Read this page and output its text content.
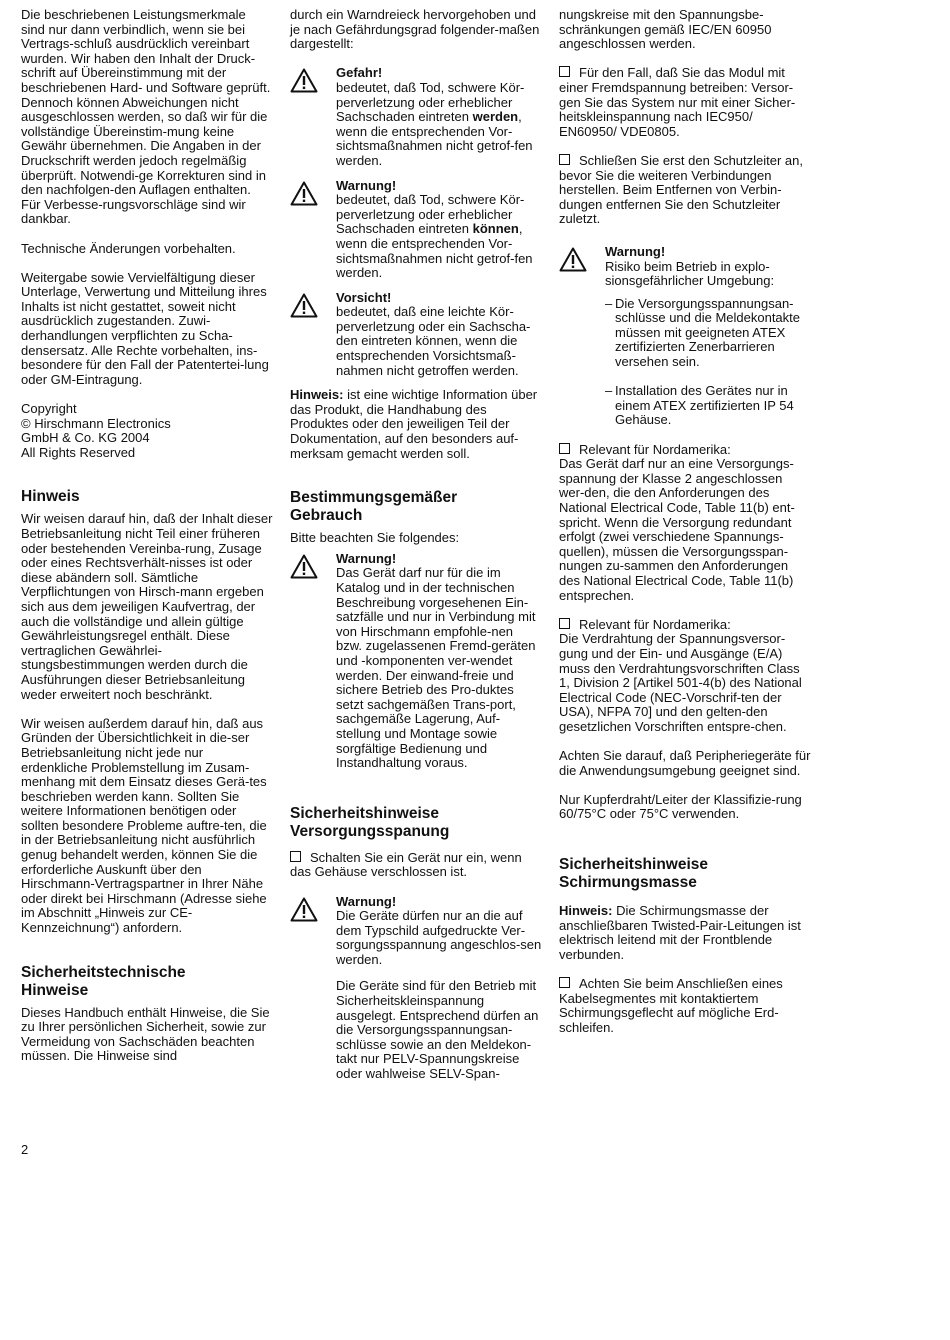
Die beschriebenen Leistungsmerkmale sind nur dann verbindlich, wenn sie bei Vertrags-schluß ausdrücklich vereinbart wurden. Wir haben den Inhalt der Druck-schrift auf Übereinstimmung mit der beschriebenen Hard- und Software geprüft. Dennoch können Abweichungen nicht ausgeschlossen werden, so daß wir für die vollständige Übereinstim-mung keine Gewähr übernehmen. Die Angaben in der Druckschrift werden jedoch regelmäßig überprüft. Notwendi-ge Korrekturen sind in den nachfolgen-den Auflagen enthalten. Für Verbesse-rungsvorschläge sind wir dankbar.

Technische Änderungen vorbehalten.

Weitergabe sowie Vervielfältigung dieser Unterlage, Verwertung und Mitteilung ihres Inhalts ist nicht gestattet, soweit nicht ausdrücklich zugestanden. Zuwi-derhandlungen verpflichten zu Scha-densersatz. Alle Rechte vorbehalten, ins-besondere für den Fall der Patentertei-lung oder GM-Eintragung.

Copyright
© Hirschmann Electronics
GmbH & Co. KG 2004
All Rights Reserved

Hinweis

Wir weisen darauf hin, daß der Inhalt dieser Betriebsanleitung nicht Teil einer früheren oder bestehenden Vereinba-rung, Zusage oder eines Rechtsverhält-nisses ist oder diese abändern soll. Sämtliche Verpflichtungen von Hirsch-mann ergeben sich aus dem jeweiligen Kaufvertrag, der auch die vollständige und allein gültige Gewährleistungsregel enthält. Diese vertraglichen Gewährlei-stungsbestimmungen werden durch die Ausführungen dieser Betriebsanleitung weder erweitert noch beschränkt.

Wir weisen außerdem darauf hin, daß aus Gründen der Übersichtlichkeit in die-ser Betriebsanleitung nicht jede nur erdenkliche Problemstellung im Zusam-menhang mit dem Einsatz dieses Gerä-tes beschrieben werden kann. Sollten Sie weitere Informationen benötigen oder sollten besondere Probleme auftre-ten, die in der Betriebsanleitung nicht ausführlich genug behandelt werden, können Sie die erforderliche Auskunft über den Hirschmann-Vertragspartner in Ihrer Nähe oder direkt bei Hirschmann (Adresse siehe im Abschnitt „Hinweis zur CE-Kennzeichnung“) anfordern.

Sicherheitstechnische
Hinweise

Dieses Handbuch enthält Hinweise, die Sie zu Ihrer persönlichen Sicherheit, sowie zur Vermeidung von Sachschäden beachten müssen. Die Hinweise sind

durch ein Warndreieck hervorgehoben und je nach Gefährdungsgrad folgender-maßen dargestellt:

Gefahr!

bedeutet, daß Tod, schwere Kör-perverletzung oder erheblicher Sachschaden eintreten werden, wenn die entsprechenden Vor-sichtsmaßnahmen nicht getrof-fen werden.

Warnung!

bedeutet, daß Tod, schwere Kör-perverletzung oder erheblicher Sachschaden eintreten können, wenn die entsprechenden Vor-sichtsmaßnahmen nicht getrof-fen werden.

Vorsicht!

bedeutet, daß eine leichte Kör-perverletzung oder ein Sachscha-den eintreten können, wenn die entsprechenden Vorsichtsmaß-nahmen nicht getroffen werden.

Hinweis: ist eine wichtige Information über das Produkt, die Handhabung des Produktes oder den jeweiligen Teil der Dokumentation, auf den besonders auf-merksam gemacht werden soll.

Bestimmungsgemäßer
Gebrauch

Bitte beachten Sie folgendes:

Warnung!

Das Gerät darf nur für die im Katalog und in der technischen Beschreibung vorgesehenen Ein-satzfälle und nur in Verbindung mit von Hirschmann empfohle-nen bzw. zugelassenen Fremd-geräten und -komponenten ver-wendet werden. Der einwand-freie und sichere Betrieb des Pro-duktes setzt sachgemäßen Trans-port, sachgemäße Lagerung, Auf-stellung und Montage sowie sorgfältige Bedienung und Instandhaltung voraus.

Sicherheitshinweise
Versorgungsspanung

Schalten Sie ein Gerät nur ein, wenn das Gehäuse verschlossen ist.

Warnung!

Die Geräte dürfen nur an die auf dem Typschild aufgedruckte Ver-sorgungsspannung angeschlos-sen werden.

Die Geräte sind für den Betrieb mit Sicherheitskleinspannung ausgelegt. Entsprechend dürfen an die Versorgungsspannungsan-schlüsse sowie an den Meldekon-takt nur PELV-Spannungskreise oder wahlweise SELV-Span-

nungskreise mit den Spannungsbe-schränkungen gemäß IEC/EN 60950 angeschlossen werden.

Für den Fall, daß Sie das Modul mit einer Fremdspannung betreiben: Versor-gen Sie das System nur mit einer Sicher-heitskleinspannung nach IEC950/ EN60950/ VDE0805.

Schließen Sie erst den Schutzleiter an, bevor Sie die weiteren Verbindungen herstellen. Beim Entfernen von Verbin-dungen entfernen Sie den Schutzleiter zuletzt.

Warnung!

Risiko beim Betrieb in explo-sionsgefährlicher Umgebung:

– Die Versorgungsspannungsan-schlüsse und die Meldekontakte müssen mit geeigneten ATEX zertifizierten Zenerbarrieren versehen sein.
– Installation des Gerätes nur in einem ATEX zertifizierten IP 54 Gehäuse.

Relevant für Nordamerika:
Das Gerät darf nur an eine Versorgungs-spannung der Klasse 2 angeschlossen wer-den, die den Anforderungen des National Electrical Code, Table 11(b) ent-spricht. Wenn die Versorgung redundant erfolgt (zwei verschiedene Spannungs-quellen), müssen die Versorgungsspan-nungen zu-sammen den Anforderungen des National Electrical Code, Table 11(b) entsprechen.

Relevant für Nordamerika:
Die Verdrahtung der Spannungsversor-gung und der Ein- und Ausgänge (E/A) muss den Verdrahtungsvorschriften Class 1, Division 2 [Artikel 501-4(b) des National Electrical Code (NEC-Vorschrif-ten der USA), NFPA 70] und den gelten-den gesetzlichen Vorschriften entspre-chen.

Achten Sie darauf, daß Peripheriegeräte für die Anwendungsumgebung geeignet sind.

Nur Kupferdraht/Leiter der Klassifizie-rung 60/75°C oder 75°C verwenden.

Sicherheitshinweise
Schirmungsmasse

Hinweis: Die Schirmungsmasse der anschließbaren Twisted-Pair-Leitungen ist elektrisch leitend mit der Frontblende verbunden.

Achten Sie beim Anschließen eines Kabelsegmentes mit kontaktiertem Schirmungsgeflecht auf mögliche Erd-schleifen.

2
